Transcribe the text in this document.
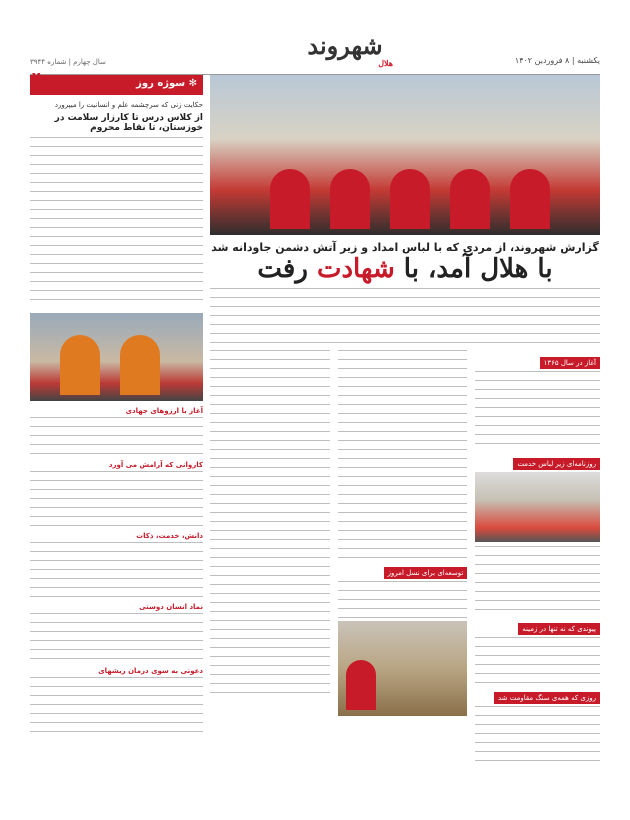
یکشنبه | ۸ فروردین ۱۴۰۲
شهروند
هلال
سال چهارم | شماره ۳۹۴۴
✻ سوژه روز
حکایت زنی که سرچشمه علم و انسانیت را میپرورد
از کلاس درس تا کارزار سلامت در خوزستان، تا نقاط محروم
آغاز با ارزوهای جهادی
کاروانی که آرامش می آورد
دانش، خدمت، ذکات
نماد انسان دوستی
دعوتی به سوی درمان ریشهای
گزارش شهروند، از مردی که با لباس امداد و زیر آتش دشمن جاودانه شد
با هلال آمد، با شهادت رفت
آغاز در سال ۱۳۶۵
روزنامه‌ای زیر لباس خدمت
پیوندی که نه تنها در زمینه
روزی که همه‌ی سنگ مقاومت شد
توسعه‌ای برای نسل امروز
